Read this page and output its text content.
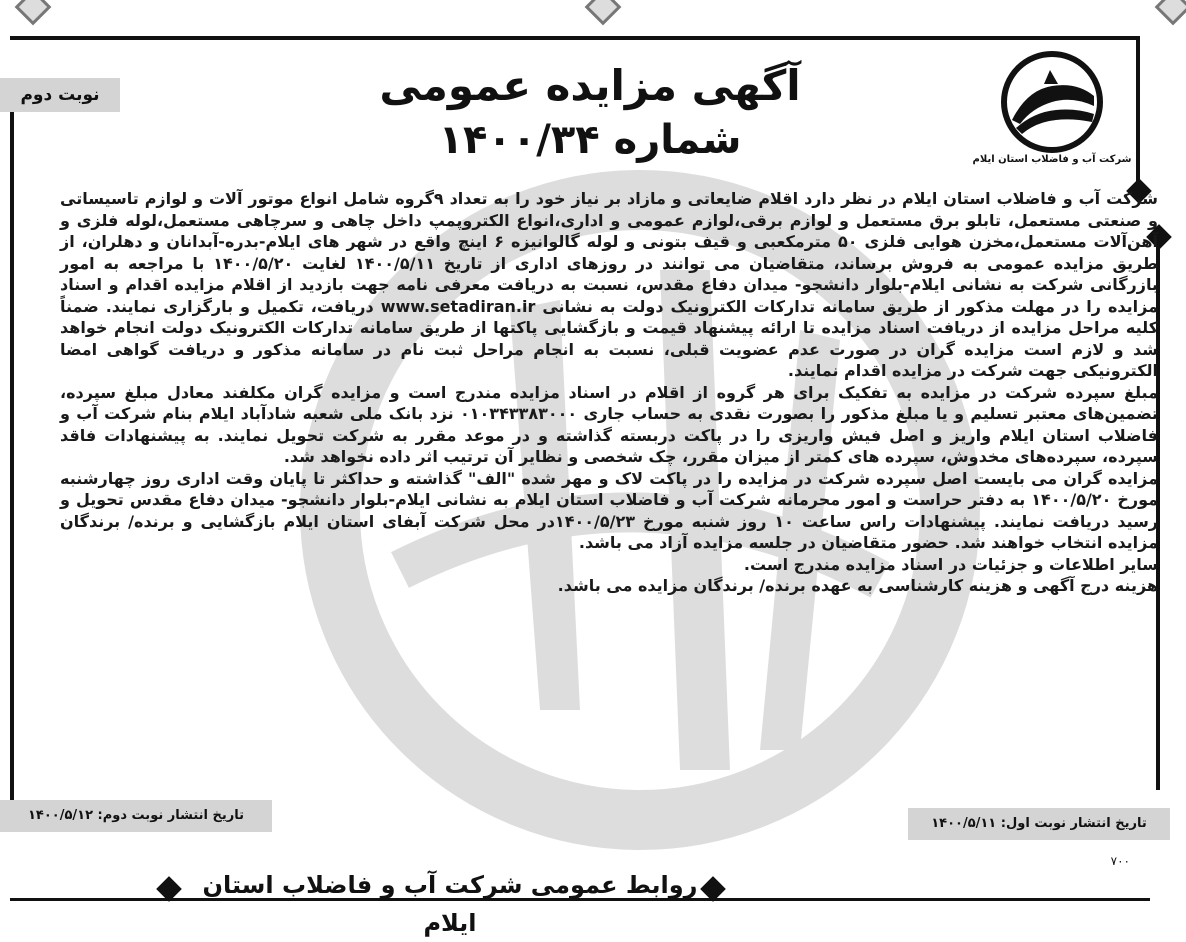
نوبت دوم
شرکت آب و فاضلاب استان ایلام
آگهی مزایده عمومی
شماره ۱۴۰۰/۳۴

شرکت آب و فاضلاب استان ایلام در نظر دارد اقلام ضایعاتی و مازاد بر نیاز خود را به تعداد ۹گروه شامل انواع موتور آلات و لوازم تاسیساتی و صنعتی مستعمل، تابلو برق مستعمل و لوازم برقی،لوازم عمومی و اداری،انواع الکتروپمپ داخل چاهی و سرچاهی مستعمل،لوله فلزی و آهن‌آلات مستعمل،مخزن هوایی فلزی ۵۰ مترمکعبی و قیف بتونی و لوله گالوانیزه ۶ اینچ واقع در شهر های ایلام-بدره-آبدانان و دهلران، از طریق مزایده عمومی به فروش برساند، متقاضیان می توانند در روزهای اداری از تاریخ ۱۴۰۰/۵/۱۱ لغایت ۱۴۰۰/۵/۲۰ با مراجعه به امور بازرگانی شرکت به نشانی ایلام-بلوار دانشجو- میدان دفاع مقدس، نسبت به دریافت معرفی نامه جهت بازدید از اقلام مزایده اقدام و اسناد مزایده را در مهلت مذکور از طریق سامانه تدارکات الکترونیک دولت به نشانی www.setadiran.ir دریافت، تکمیل و بارگزاری نمایند. ضمناً کلیه مراحل مزایده از دریافت اسناد مزایده تا ارائه پیشنهاد قیمت و بازگشایی پاکتها از طریق سامانه تدارکات الکترونیک دولت انجام خواهد شد و لازم است مزایده گران در صورت عدم عضویت قبلی، نسبت به انجام مراحل ثبت نام در سامانه مذکور و دریافت گواهی امضا الکترونیکی جهت شرکت در مزایده اقدام نمایند.

مبلغ سپرده شرکت در مزایده به تفکیک برای هر گروه از اقلام در اسناد مزایده مندرج است و مزایده گران مکلفند معادل مبلغ سپرده، تضمین‌های معتبر تسلیم و یا مبلغ مذکور را بصورت نقدی به حساب جاری ۰۱۰۳۴۳۳۸۳۰۰۰ نزد بانک ملی شعبه شادآباد ایلام بنام شرکت آب و فاضلاب استان ایلام واریز و اصل فیش واریزی را در پاکت دربسته گذاشته و در موعد مقرر به شرکت تحویل نمایند. به پیشنهادات فاقد سپرده، سپرده‌های مخدوش، سپرده های کمتر از میزان مقرر، چک شخصی و نظایر آن ترتیب اثر داده نخواهد شد.

مزایده گران می بایست اصل سپرده شرکت در مزایده را در پاکت لاک و مهر شده "الف" گذاشته و حداکثر تا پایان وقت اداری روز چهارشنبه مورخ ۱۴۰۰/۵/۲۰ به دفتر حراست و امور محرمانه شرکت آب و فاضلاب استان ایلام به نشانی ایلام-بلوار دانشجو- میدان دفاع مقدس تحویل و رسید دریافت نمایند. پیشنهادات راس ساعت ۱۰ روز شنبه مورخ ۱۴۰۰/۵/۲۳در محل شرکت آبفای استان ایلام بازگشایی و برنده/ برندگان مزایده انتخاب خواهند شد. حضور متقاضیان در جلسه مزایده آزاد می باشد.

سایر اطلاعات و جزئیات در اسناد مزایده مندرج است.

هزینه درج آگهی و هزینه کارشناسی به عهده برنده/ برندگان مزایده می باشد.

تاریخ انتشار نوبت دوم: ۱۴۰۰/۵/۱۲
تاریخ انتشار نوبت اول: ۱۴۰۰/۵/۱۱
۷۰۰
روابط عمومی شرکت آب و فاضلاب استان ایلام
